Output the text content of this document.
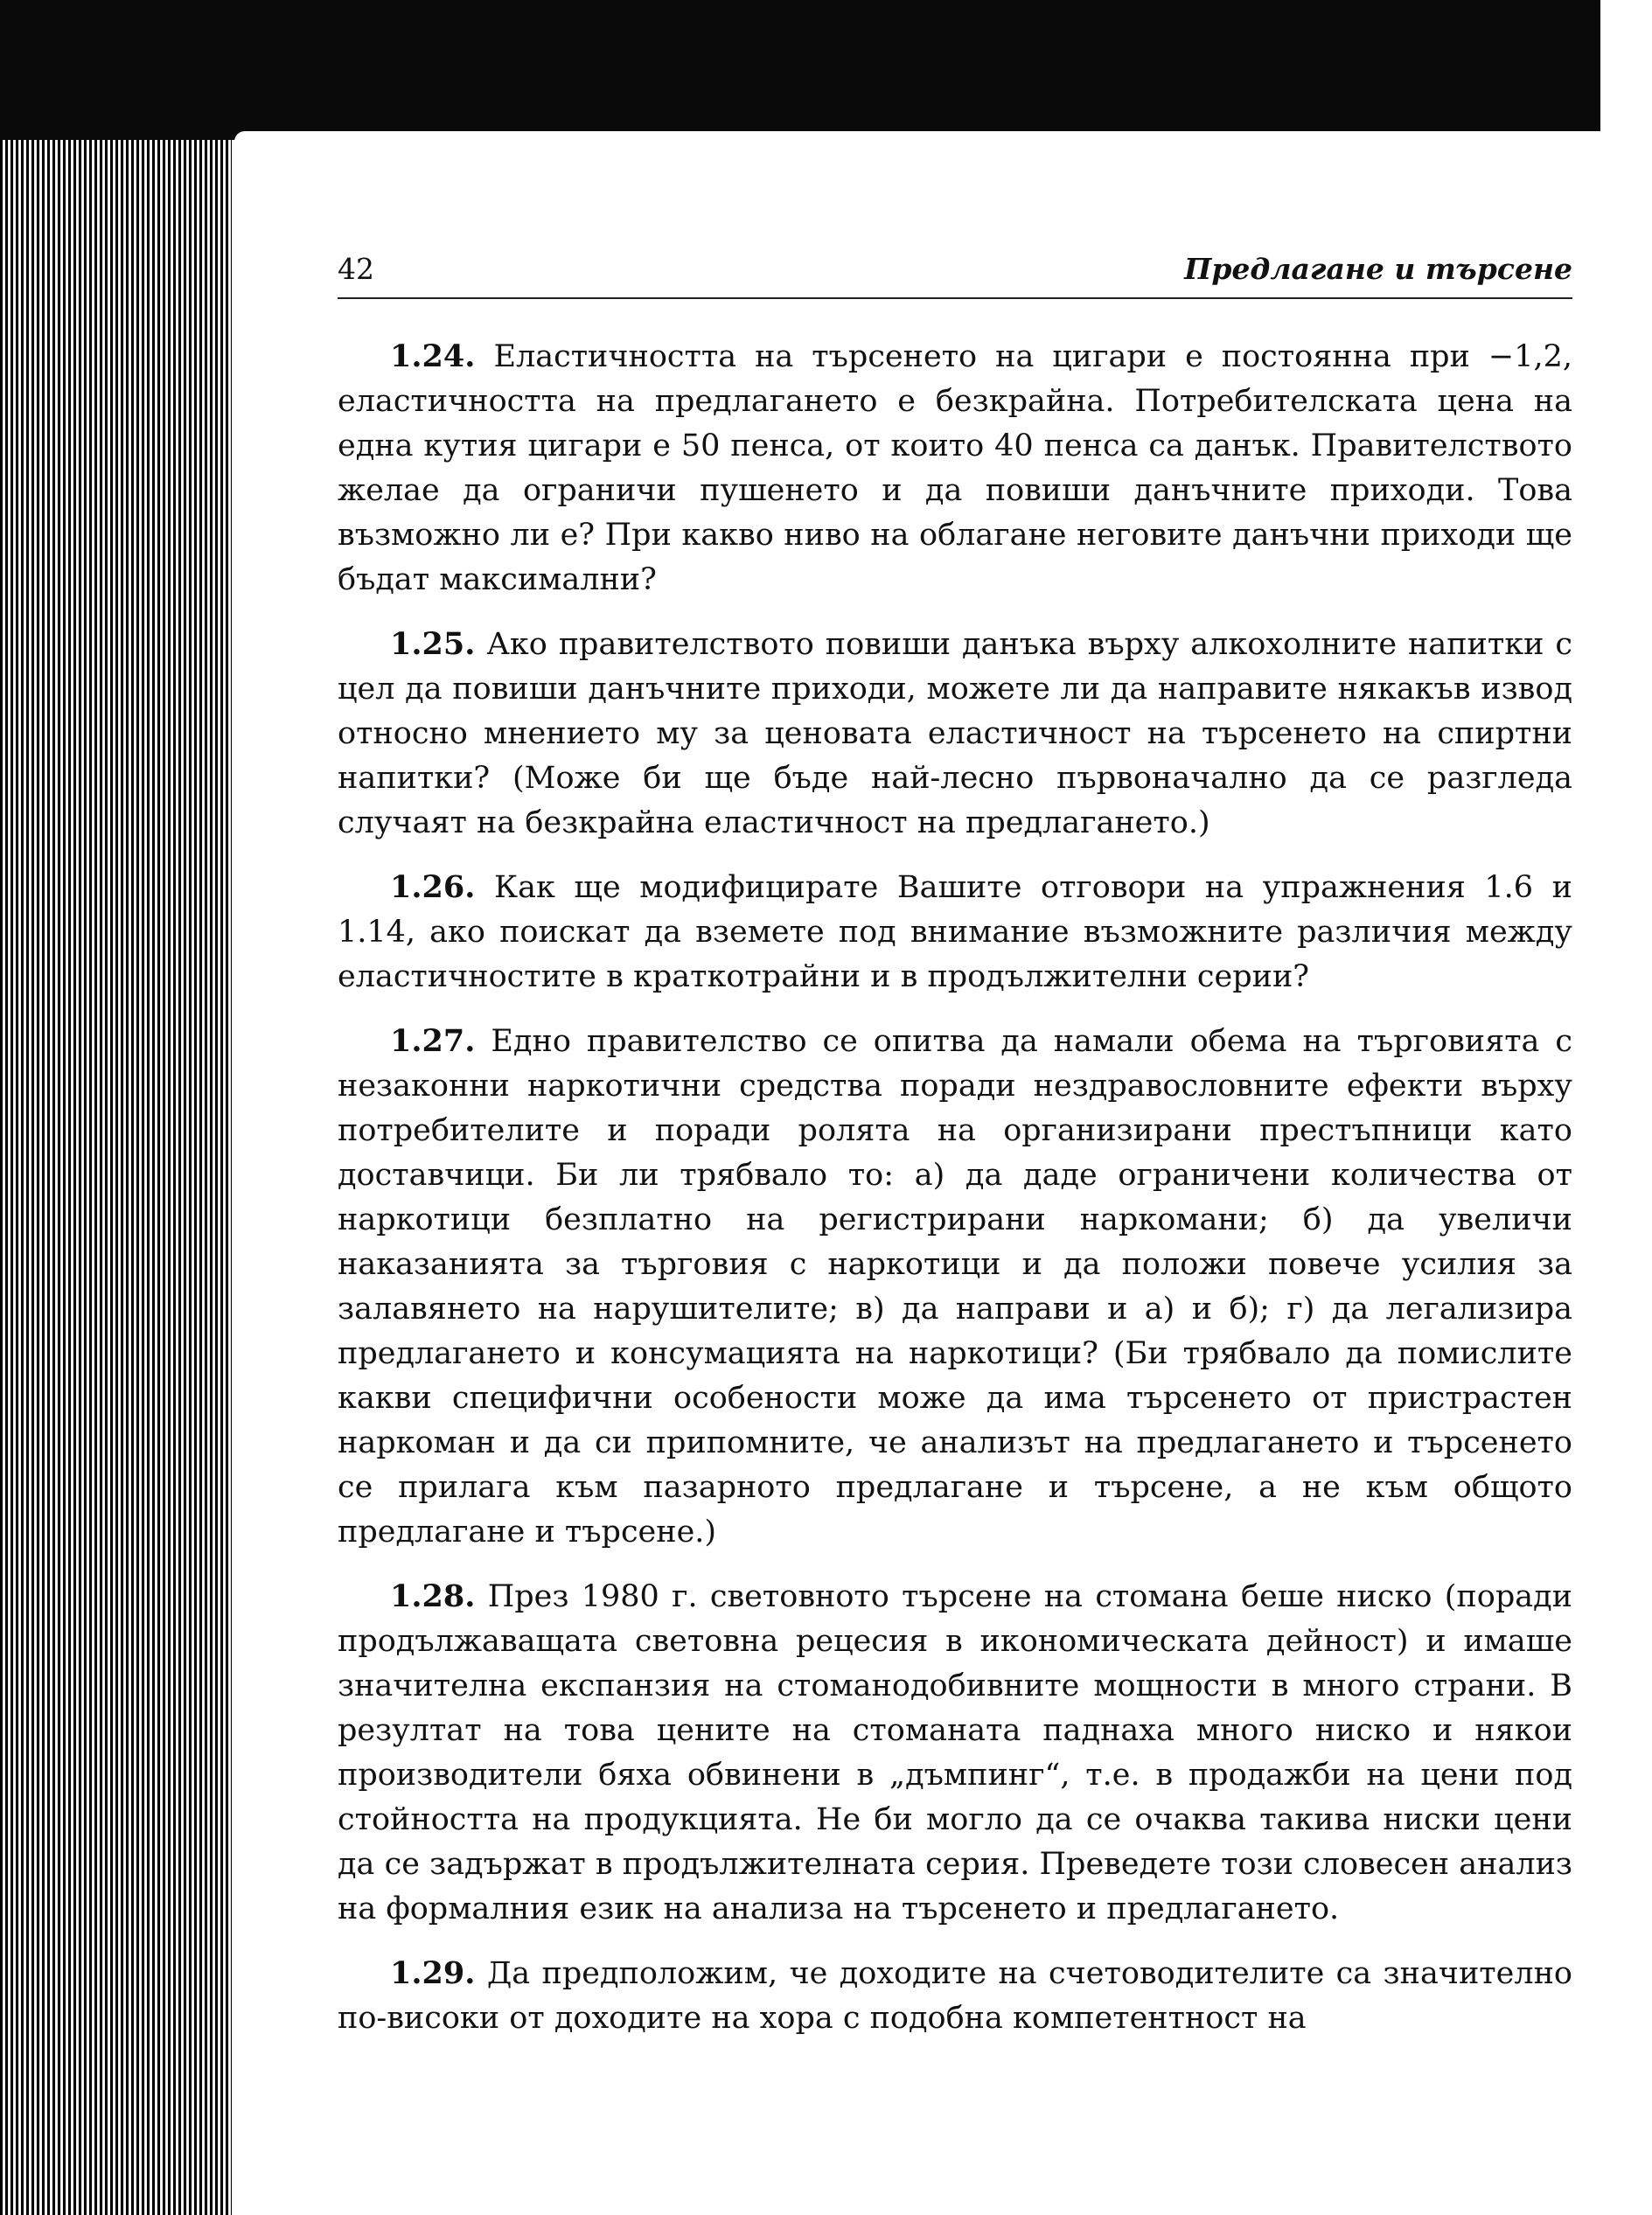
42	Предлагане и търсене

1.24. Еластичността на търсенето на цигари е постоянна при −1,2, еластичността на предлагането е безкрайна. Потребителската цена на една кутия цигари е 50 пенса, от които 40 пенса са данък. Правителството желае да ограничи пушенето и да повиши данъчните приходи. Това възможно ли е? При какво ниво на облагане неговите данъчни приходи ще бъдат максимални?

1.25. Ако правителството повиши данъка върху алкохолните напитки с цел да повиши данъчните приходи, можете ли да направите някакъв извод относно мнението му за ценовата еластичност на търсенето на спиртни напитки? (Може би ще бъде най-лесно първоначално да се разгледа случаят на безкрайна еластичност на предлагането.)

1.26. Как ще модифицирате Вашите отговори на упражнения 1.6 и 1.14, ако поискат да вземете под внимание възможните различия между еластичностите в краткотрайни и в продължителни серии?

1.27. Едно правителство се опитва да намали обема на търговията с незаконни наркотични средства поради нездравословните ефекти върху потребителите и поради ролята на организирани престъпници като доставчици. Би ли трябвало то: а) да даде ограничени количества от наркотици безплатно на регистрирани наркомани; б) да увеличи наказанията за търговия с наркотици и да положи повече усилия за залавянето на нарушителите; в) да направи и а) и б); г) да легализира предлагането и консумацията на наркотици? (Би трябвало да помислите какви специфични особености може да има търсенето от пристрастен наркоман и да си припомните, че анализът на предлагането и търсенето се прилага към пазарното предлагане и търсене, а не към общото предлагане и търсене.)

1.28. През 1980 г. световното търсене на стомана беше ниско (поради продължаващата световна рецесия в икономическата дейност) и имаше значителна експанзия на стоманодобивните мощности в много страни. В резултат на това цените на стоманата паднаха много ниско и някои производители бяха обвинени в „дъмпинг“, т.е. в продажби на цени под стойността на продукцията. Не би могло да се очаква такива ниски цени да се задържат в продължителната серия. Преведете този словесен анализ на формалния език на анализа на търсенето и предлагането.

1.29. Да предположим, че доходите на счетоводителите са значително по-високи от доходите на хора с подобна компетентност на
